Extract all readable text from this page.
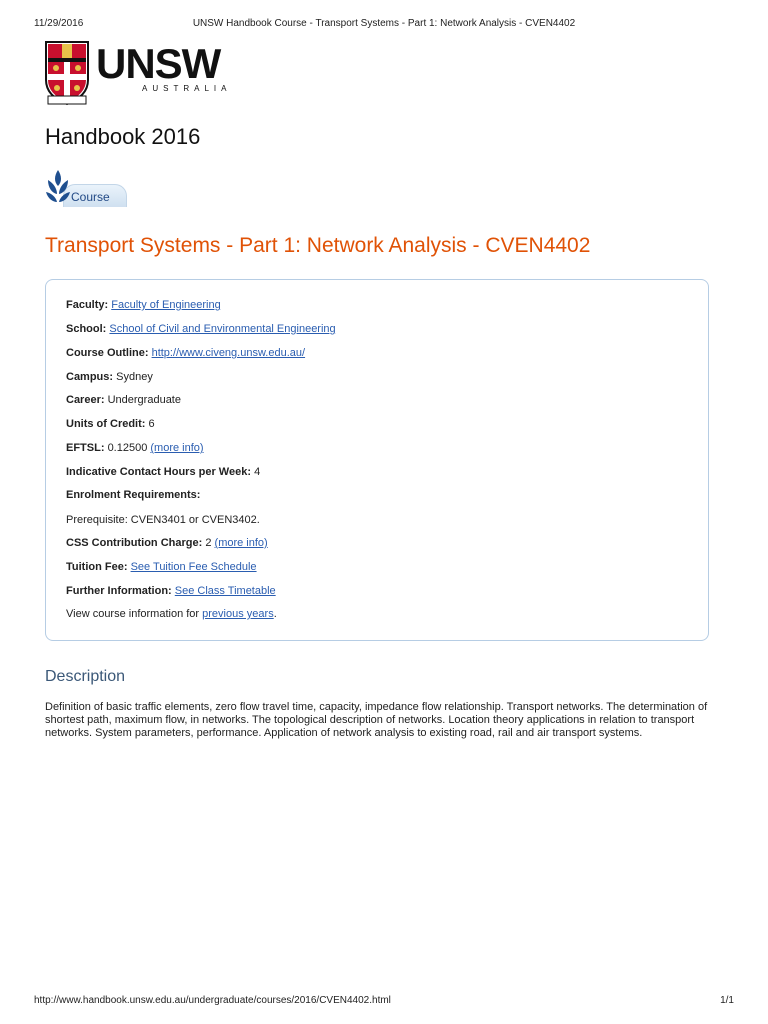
11/29/2016	UNSW Handbook Course - Transport Systems - Part 1: Network Analysis - CVEN4402
UNSW
AUSTRALIA
Handbook 2016
Course
Transport Systems - Part 1: Network Analysis - CVEN4402
Faculty: Faculty of Engineering
School: School of Civil and Environmental Engineering
Course Outline: http://www.civeng.unsw.edu.au/
Campus: Sydney
Career: Undergraduate
Units of Credit: 6
EFTSL: 0.12500 (more info)
Indicative Contact Hours per Week: 4
Enrolment Requirements:
Prerequisite: CVEN3401 or CVEN3402.
CSS Contribution Charge: 2 (more info)
Tuition Fee: See Tuition Fee Schedule
Further Information: See Class Timetable
View course information for previous years.
Description

Definition of basic traffic elements, zero flow travel time, capacity, impedance flow relationship. Transport networks. The determination of shortest path, maximum flow, in networks. The topological description of networks. Location theory applications in relation to transport networks. System parameters, performance. Application of network analysis to existing road, rail and air transport systems.

http://www.handbook.unsw.edu.au/undergraduate/courses/2016/CVEN4402.html	1/1
